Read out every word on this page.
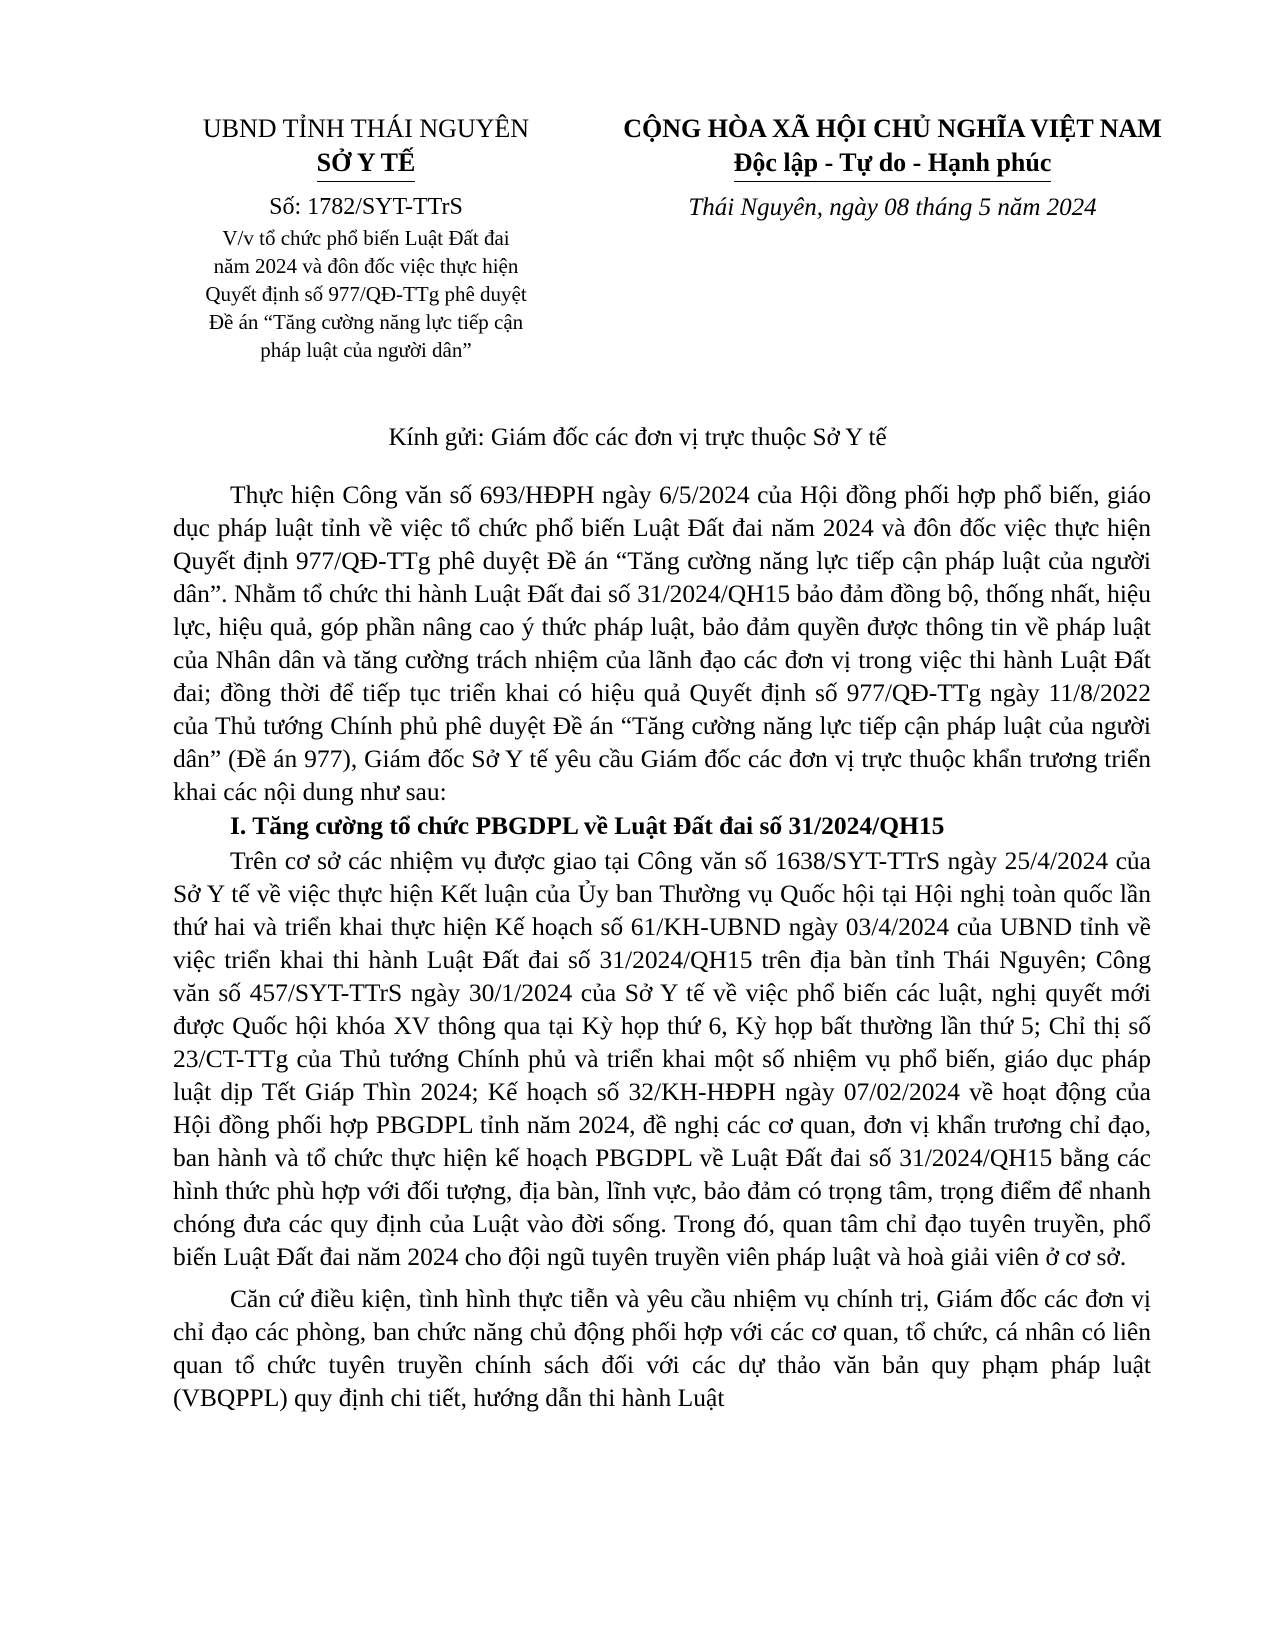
UBND TỈNH THÁI NGUYÊN
SỞ Y TẾ
Số: 1782/SYT-TTrS
V/v tổ chức phổ biến Luật Đất đai
năm 2024 và đôn đốc việc thực hiện
Quyết định số 977/QĐ-TTg phê duyệt
Đề án “Tăng cường năng lực tiếp cận
pháp luật của người dân”
CỘNG HÒA XÃ HỘI CHỦ NGHĨA VIỆT NAM
Độc lập - Tự do - Hạnh phúc
Thái Nguyên, ngày 08 tháng 5 năm 2024
Kính gửi: Giám đốc các đơn vị trực thuộc Sở Y tế

Thực hiện Công văn số 693/HĐPH ngày 6/5/2024 của Hội đồng phối hợp phổ biến, giáo dục pháp luật tỉnh về việc tổ chức phổ biến Luật Đất đai năm 2024 và đôn đốc việc thực hiện Quyết định 977/QĐ-TTg phê duyệt Đề án “Tăng cường năng lực tiếp cận pháp luật của người dân”. Nhằm tổ chức thi hành Luật Đất đai số 31/2024/QH15 bảo đảm đồng bộ, thống nhất, hiệu lực, hiệu quả, góp phần nâng cao ý thức pháp luật, bảo đảm quyền được thông tin về pháp luật của Nhân dân và tăng cường trách nhiệm của lãnh đạo các đơn vị trong việc thi hành Luật Đất đai; đồng thời để tiếp tục triển khai có hiệu quả Quyết định số 977/QĐ-TTg ngày 11/8/2022 của Thủ tướng Chính phủ phê duyệt Đề án “Tăng cường năng lực tiếp cận pháp luật của người dân” (Đề án 977), Giám đốc Sở Y tế yêu cầu Giám đốc các đơn vị trực thuộc khẩn trương triển khai các nội dung như sau:

I. Tăng cường tổ chức PBGDPL về Luật Đất đai số 31/2024/QH15

Trên cơ sở các nhiệm vụ được giao tại Công văn số 1638/SYT-TTrS ngày 25/4/2024 của Sở Y tế về việc thực hiện Kết luận của Ủy ban Thường vụ Quốc hội tại Hội nghị toàn quốc lần thứ hai và triển khai thực hiện Kế hoạch số 61/KH-UBND ngày 03/4/2024 của UBND tỉnh về việc triển khai thi hành Luật Đất đai số 31/2024/QH15 trên địa bàn tỉnh Thái Nguyên; Công văn số 457/SYT-TTrS ngày 30/1/2024 của Sở Y tế về việc phổ biến các luật, nghị quyết mới được Quốc hội khóa XV thông qua tại Kỳ họp thứ 6, Kỳ họp bất thường lần thứ 5; Chỉ thị số 23/CT-TTg của Thủ tướng Chính phủ và triển khai một số nhiệm vụ phổ biến, giáo dục pháp luật dịp Tết Giáp Thìn 2024; Kế hoạch số 32/KH-HĐPH ngày 07/02/2024 về hoạt động của Hội đồng phối hợp PBGDPL tỉnh năm 2024, đề nghị các cơ quan, đơn vị khẩn trương chỉ đạo, ban hành và tổ chức thực hiện kế hoạch PBGDPL về Luật Đất đai số 31/2024/QH15 bằng các hình thức phù hợp với đối tượng, địa bàn, lĩnh vực, bảo đảm có trọng tâm, trọng điểm để nhanh chóng đưa các quy định của Luật vào đời sống. Trong đó, quan tâm chỉ đạo tuyên truyền, phổ biến Luật Đất đai năm 2024 cho đội ngũ tuyên truyền viên pháp luật và hoà giải viên ở cơ sở.

Căn cứ điều kiện, tình hình thực tiễn và yêu cầu nhiệm vụ chính trị, Giám đốc các đơn vị chỉ đạo các phòng, ban chức năng chủ động phối hợp với các cơ quan, tổ chức, cá nhân có liên quan tổ chức tuyên truyền chính sách đối với các dự thảo văn bản quy phạm pháp luật (VBQPPL) quy định chi tiết, hướng dẫn thi hành Luật
